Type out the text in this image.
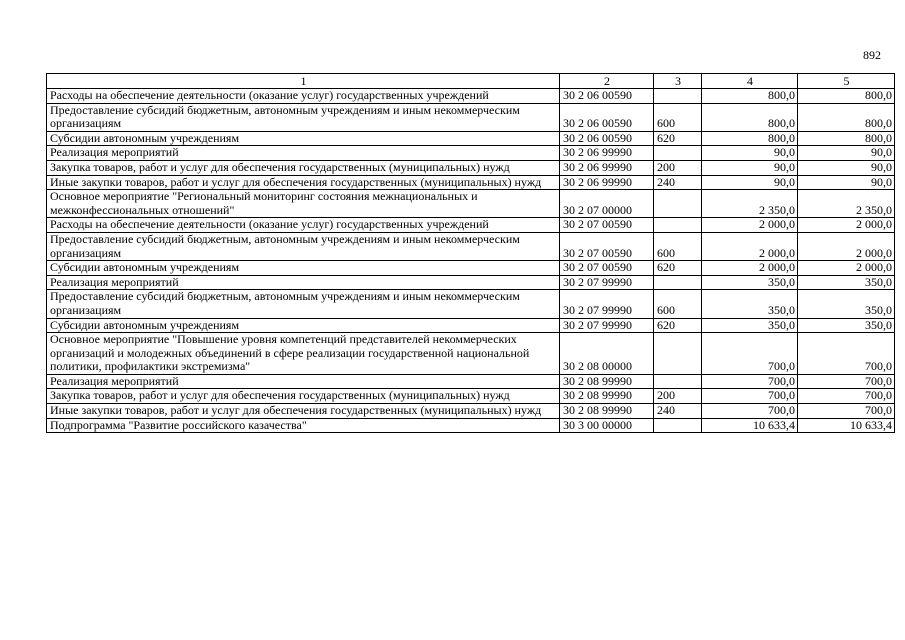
892
1	2	3	4	5
Расходы на обеспечение деятельности (оказание услуг) государственных учреждений	30 2 06 00590		800,0	800,0
Предоставление субсидий бюджетным, автономным учреждениям и иным некоммерческим организациям	30 2 06 00590	600	800,0	800,0
Субсидии автономным учреждениям	30 2 06 00590	620	800,0	800,0
Реализация мероприятий	30 2 06 99990		90,0	90,0
Закупка товаров, работ и услуг для обеспечения государственных (муниципальных) нужд	30 2 06 99990	200	90,0	90,0
Иные закупки товаров, работ и услуг для обеспечения государственных (муниципальных) нужд	30 2 06 99990	240	90,0	90,0
Основное мероприятие "Региональный мониторинг состояния межнациональных и межконфессиональных отношений"	30 2 07 00000		2 350,0	2 350,0
Расходы на обеспечение деятельности (оказание услуг) государственных учреждений	30 2 07 00590		2 000,0	2 000,0
Предоставление субсидий бюджетным, автономным учреждениям и иным некоммерческим организациям	30 2 07 00590	600	2 000,0	2 000,0
Субсидии автономным учреждениям	30 2 07 00590	620	2 000,0	2 000,0
Реализация мероприятий	30 2 07 99990		350,0	350,0
Предоставление субсидий бюджетным, автономным учреждениям и иным некоммерческим организациям	30 2 07 99990	600	350,0	350,0
Субсидии автономным учреждениям	30 2 07 99990	620	350,0	350,0
Основное мероприятие "Повышение уровня компетенций представителей некоммерческих организаций и молодежных объединений в сфере реализации государственной национальной политики, профилактики экстремизма"	30 2 08 00000		700,0	700,0
Реализация мероприятий	30 2 08 99990		700,0	700,0
Закупка товаров, работ и услуг для обеспечения государственных (муниципальных) нужд	30 2 08 99990	200	700,0	700,0
Иные закупки товаров, работ и услуг для обеспечения государственных (муниципальных) нужд	30 2 08 99990	240	700,0	700,0
Подпрограмма "Развитие российского казачества"	30 3 00 00000		10 633,4	10 633,4
